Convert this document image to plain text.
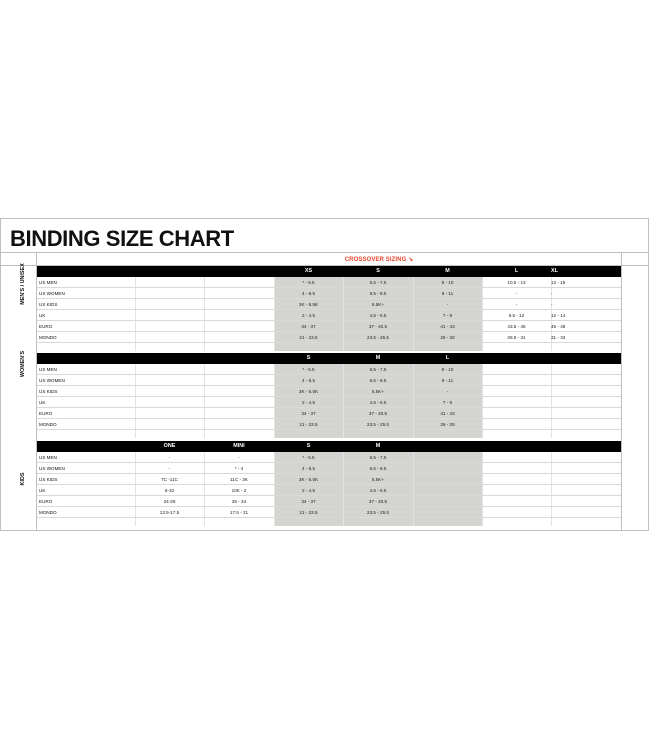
BINDING SIZE CHART
CROSSOVER SIZING ↘
XS	S	M	L	XL
US MEN	* - 5.5	5.5 - 7.5	8 - 10	10.5 - 13	13 - 15
US WOMEN	4 - 6.5	6.5 - 8.5	9 - 11	-	-
US KIDS	3K - 5.5K	5.5K+	-	-	-
UK	2 - 4.5	4.5 - 6.5	7 - 9	9.5 - 12	12 - 14
EURO	34 - 37	37 - 40.5	41 - 43	43.5 - 46	46 - 48
MONDO	21 - 23.5	23.5 - 25.5	26 - 28	28.5 - 31	31 - 33
S	M	L
US MEN	* - 5.5	5.5 - 7.5	8 - 10
US WOMEN	4 - 6.5	6.5 - 8.5	9 - 11
US KIDS	3K - 5.5K	5.5K+	-
UK	2 - 4.5	4.5 - 6.5	7 - 9
EURO	34 - 37	37 - 40.5	41 - 43
MONDO	21 - 23.5	23.5 - 25.5	26 - 28
ONE	MINI	S	M
US MEN	-	-	* - 5.5	5.5 - 7.5
US WOMEN	-	* - 4	4 - 6.5	6.5 - 8.5
US KIDS	7C -11C	11C - 3K	3K - 5.5K	5.5K+
UK	6-10	10K - 2	2 - 4.5	4.5 - 6.5
EURO	24-28	28 - 34	34 - 37	37 - 40.5
MONDO	13.5-17.5	17.5 - 21	21 - 23.5	23.5 - 25.5
MEN'S / UNISEX
WOMEN'S
KIDS
